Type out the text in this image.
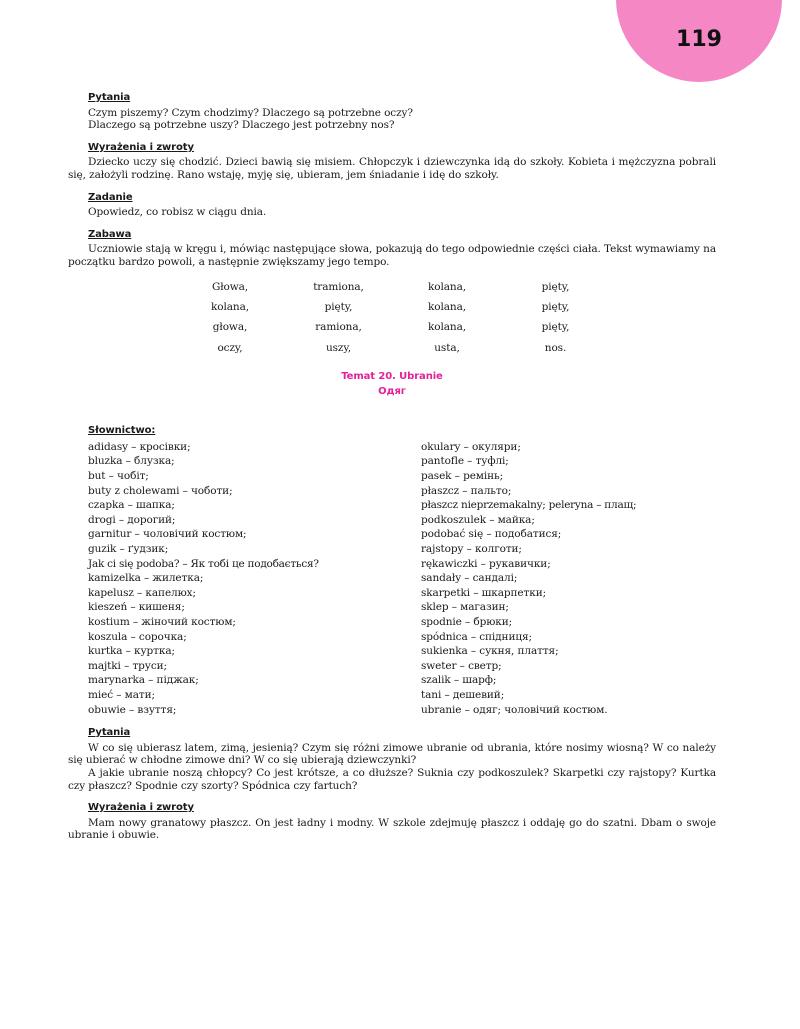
119
Pytania
Czym piszemy? Czym chodzimy? Dlaczego są potrzebne oczy?
Dlaczego są potrzebne uszy? Dlaczego jest potrzebny nos?
Wyrażenia i zwroty

Dziecko uczy się chodzić. Dzieci bawią się misiem. Chłopczyk i dziewczynka idą do szkoły. Kobieta i mężczyzna pobrali się, założyli rodzinę. Rano wstaję, myję się, ubieram, jem śniadanie i idę do szkoły.

Zadanie
Opowiedz, co robisz w ciągu dnia.
Zabawa

Uczniowie stają w kręgu i, mówiąc następujące słowa, pokazują do tego odpowiednie części ciała. Tekst wymawiamy na początku bardzo powoli, a następnie zwiększamy jego tempo.

Głowa,	tramiona,	kolana,	pięty,
kolana,	pięty,	kolana,	pięty,
głowa,	ramiona,	kolana,	pięty,
oczy,	uszy,	usta,	nos.
Temat 20. Ubranie
Одяг
Słownictwo:
adidasy – кросівки;
bluzka – блузка;
but – чобіт;
buty z cholewami – чоботи;
czapka – шапка;
drogi – дорогий;
garnitur – чоловічий костюм;
guzik – ґудзик;
Jak ci się podoba? – Як тобі це подобається?
kamizelka – жилетка;
kapelusz – капелюх;
kieszeń – кишеня;
kostium – жіночий костюм;
koszula – сорочка;
kurtka – куртка;
majtki – труси;
marynarka – піджак;
mieć – мати;
obuwie – взуття;
okulary – окуляри;
pantofle – туфлі;
pasek – ремінь;
płaszcz – пальто;
płaszcz nieprzemakalny; peleryna – плащ;
podkoszulek – майка;
podobać się – подобатися;
rajstopy – колготи;
rękawiczki – рукавички;
sandały – сандалі;
skarpetki – шкарпетки;
sklep – магазин;
spodnie – брюки;
spódnica – спідниця;
sukienka – сукня, плаття;
sweter – светр;
szalik – шарф;
tani – дешевий;
ubranie – одяг; чоловічий костюм.
Pytania

W co się ubierasz latem, zimą, jesienią? Czym się różni zimowe ubranie od ubrania, które nosimy wiosną? W co należy się ubierać w chłodne zimowe dni? W co się ubierają dziewczynki?

A jakie ubranie noszą chłopcy? Co jest krótsze, a co dłuższe? Suknia czy podkoszulek? Skarpetki czy rajstopy? Kurtka czy płaszcz? Spodnie czy szorty? Spódnica czy fartuch?

Wyrażenia i zwroty

Mam nowy granatowy płaszcz. On jest ładny i modny. W szkole zdejmuję płaszcz i oddaję go do szatni. Dbam o swoje ubranie i obuwie.
